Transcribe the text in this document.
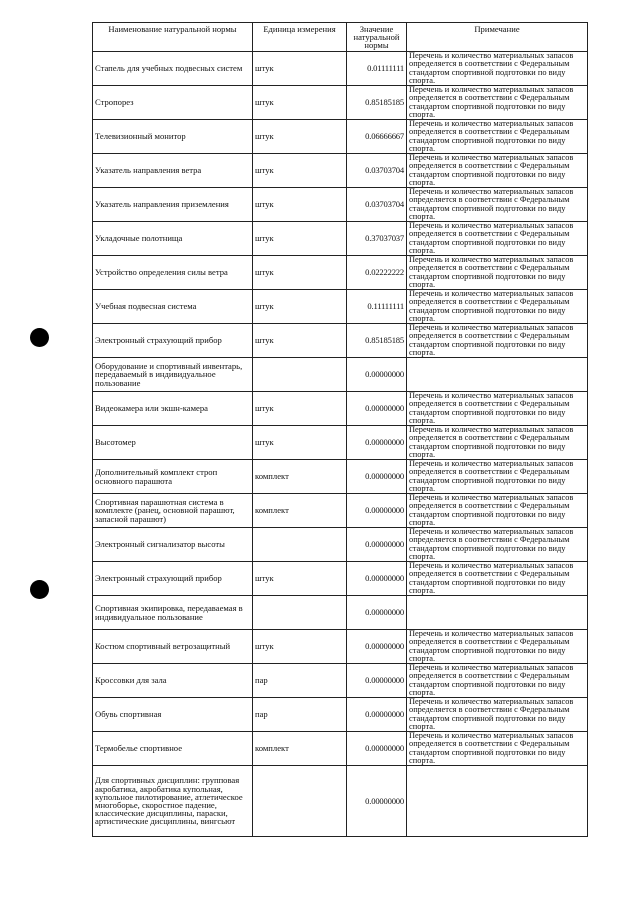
Наименование натуральной нормы	Единица измерения	Значение натуральной нормы	Примечание
Стапель для учебных подвесных систем	штук	0.01111111	Перечень и количество материальных запасов определяется в соответствии с Федеральным стандартом спортивной подготовки по виду спорта.
Стропорез	штук	0.85185185	Перечень и количество материальных запасов определяется в соответствии с Федеральным стандартом спортивной подготовки по виду спорта.
Телевизионный монитор	штук	0.06666667	Перечень и количество материальных запасов определяется в соответствии с Федеральным стандартом спортивной подготовки по виду спорта.
Указатель направления ветра	штук	0.03703704	Перечень и количество материальных запасов определяется в соответствии с Федеральным стандартом спортивной подготовки по виду спорта.
Указатель направления приземления	штук	0.03703704	Перечень и количество материальных запасов определяется в соответствии с Федеральным стандартом спортивной подготовки по виду спорта.
Укладочные полотнища	штук	0.37037037	Перечень и количество материальных запасов определяется в соответствии с Федеральным стандартом спортивной подготовки по виду спорта.
Устройство определения силы ветра	штук	0.02222222	Перечень и количество материальных запасов определяется в соответствии с Федеральным стандартом спортивной подготовки по виду спорта.
Учебная подвесная система	штук	0.11111111	Перечень и количество материальных запасов определяется в соответствии с Федеральным стандартом спортивной подготовки по виду спорта.
Электронный страхующий прибор	штук	0.85185185	Перечень и количество материальных запасов определяется в соответствии с Федеральным стандартом спортивной подготовки по виду спорта.
Оборудование и спортивный инвентарь, передаваемый в индивидуальное пользование		0.00000000	
Видеокамера или экшн-камера	штук	0.00000000	Перечень и количество материальных запасов определяется в соответствии с Федеральным стандартом спортивной подготовки по виду спорта.
Высотомер	штук	0.00000000	Перечень и количество материальных запасов определяется в соответствии с Федеральным стандартом спортивной подготовки по виду спорта.
Дополнительный комплект строп основного парашюта	комплект	0.00000000	Перечень и количество материальных запасов определяется в соответствии с Федеральным стандартом спортивной подготовки по виду спорта.
Спортивная парашютная система в комплекте (ранец, основной парашют, запасной парашют)	комплект	0.00000000	Перечень и количество материальных запасов определяется в соответствии с Федеральным стандартом спортивной подготовки по виду спорта.
Электронный сигнализатор высоты		0.00000000	Перечень и количество материальных запасов определяется в соответствии с Федеральным стандартом спортивной подготовки по виду спорта.
Электронный страхующий прибор	штук	0.00000000	Перечень и количество материальных запасов определяется в соответствии с Федеральным стандартом спортивной подготовки по виду спорта.
Спортивная экипировка, передаваемая в индивидуальное пользование		0.00000000	
Костюм спортивный ветрозащитный	штук	0.00000000	Перечень и количество материальных запасов определяется в соответствии с Федеральным стандартом спортивной подготовки по виду спорта.
Кроссовки для зала	пар	0.00000000	Перечень и количество материальных запасов определяется в соответствии с Федеральным стандартом спортивной подготовки по виду спорта.
Обувь спортивная	пар	0.00000000	Перечень и количество материальных запасов определяется в соответствии с Федеральным стандартом спортивной подготовки по виду спорта.
Термобелье спортивное	комплект	0.00000000	Перечень и количество материальных запасов определяется в соответствии с Федеральным стандартом спортивной подготовки по виду спорта.
Для спортивных дисциплин: групповая акробатика, акробатика купольная, купольное пилотирование, атлетическое многоборье, скоростное падение, классические дисциплины, параски, артистические дисциплины, вингсьют		0.00000000	
